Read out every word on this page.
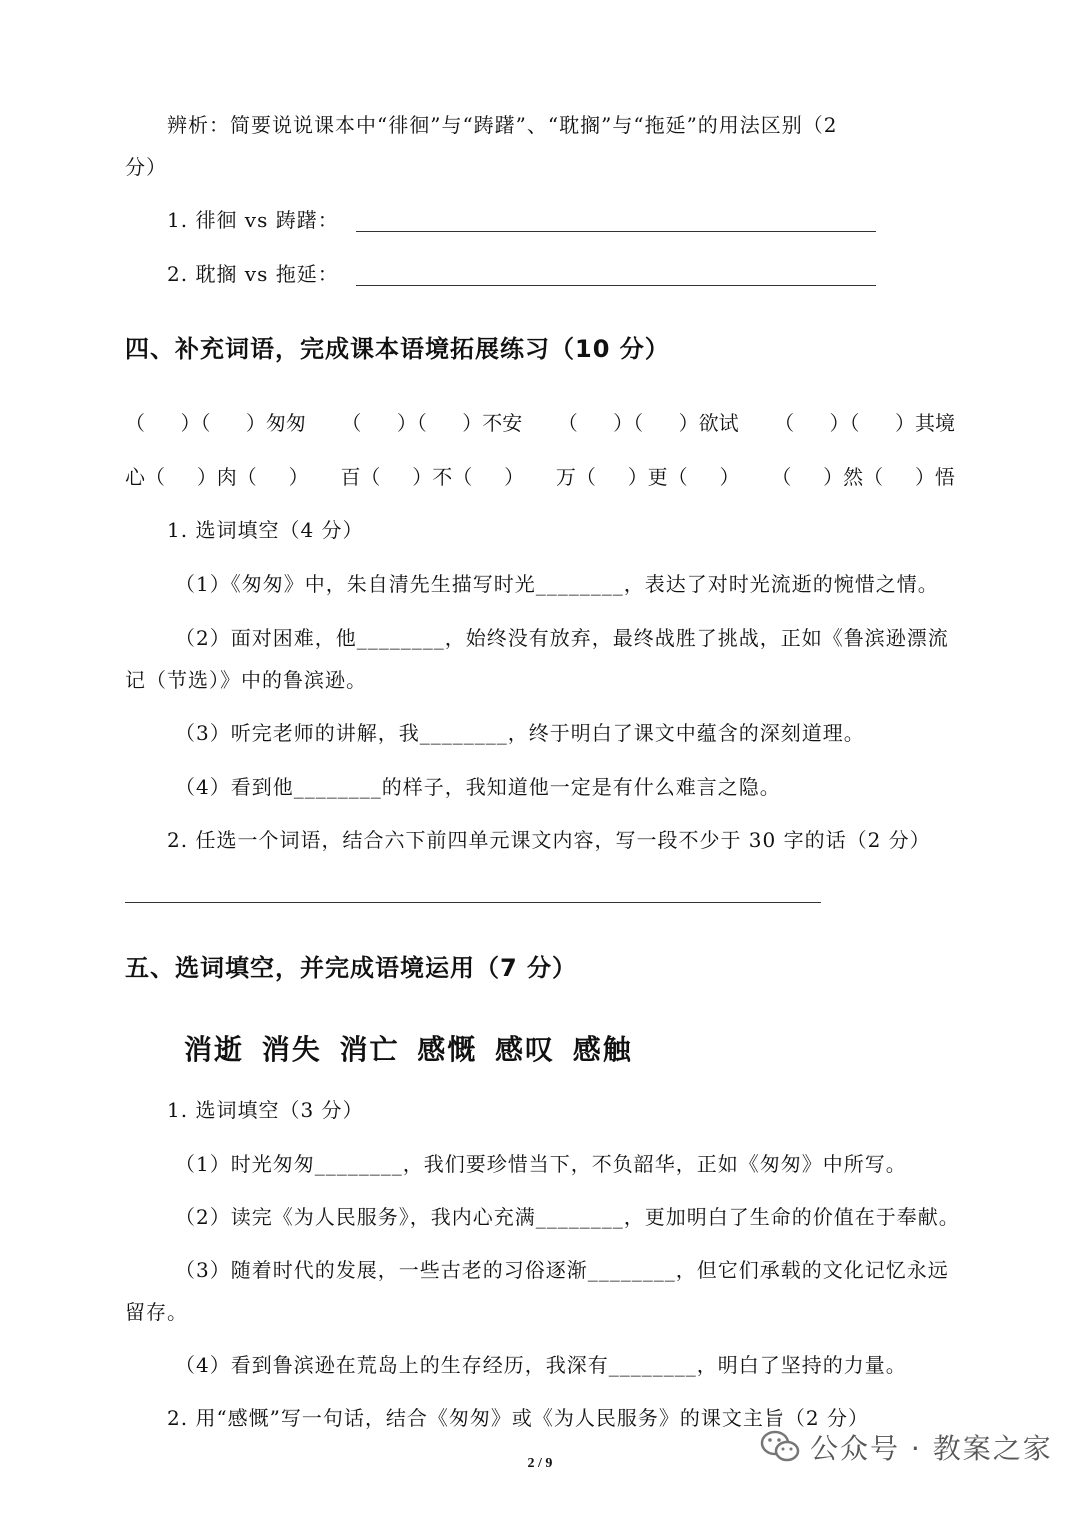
辨析：简要说说课本中“徘徊”与“踌躇”、“耽搁”与“拖延”的用法区别（2
分）
1. 徘徊 vs 踌躇：
2. 耽搁 vs 拖延：
四、补充词语，完成课本语境拓展练习（10 分）
（ ）（ ）匆匆 （ ）（ ）不安 （ ）（ ）欲试 （ ）（ ）其境
心（ ）肉（ ） 百（ ）不（ ） 万（ ）更（ ） （ ）然（ ）悟
1. 选词填空（4 分）
（1）《匆匆》中，朱自清先生描写时光________，表达了对时光流逝的惋惜之情。
（2）面对困难，他________，始终没有放弃，最终战胜了挑战，正如《鲁滨逊漂流
记（节选）》中的鲁滨逊。
（3）听完老师的讲解，我________，终于明白了课文中蕴含的深刻道理。
（4）看到他________的样子，我知道他一定是有什么难言之隐。
2. 任选一个词语，结合六下前四单元课文内容，写一段不少于 30 字的话（2 分）
五、选词填空，并完成语境运用（7 分）
消逝 消失 消亡 感慨 感叹 感触
1. 选词填空（3 分）
（1）时光匆匆________，我们要珍惜当下，不负韶华，正如《匆匆》中所写。
（2）读完《为人民服务》，我内心充满________，更加明白了生命的价值在于奉献。
（3）随着时代的发展，一些古老的习俗逐渐________，但它们承载的文化记忆永远
留存。
（4）看到鲁滨逊在荒岛上的生存经历，我深有________，明白了坚持的力量。
2. 用“感慨”写一句话，结合《匆匆》或《为人民服务》的课文主旨（2 分）
2 / 9	公众号 · 教案之家
